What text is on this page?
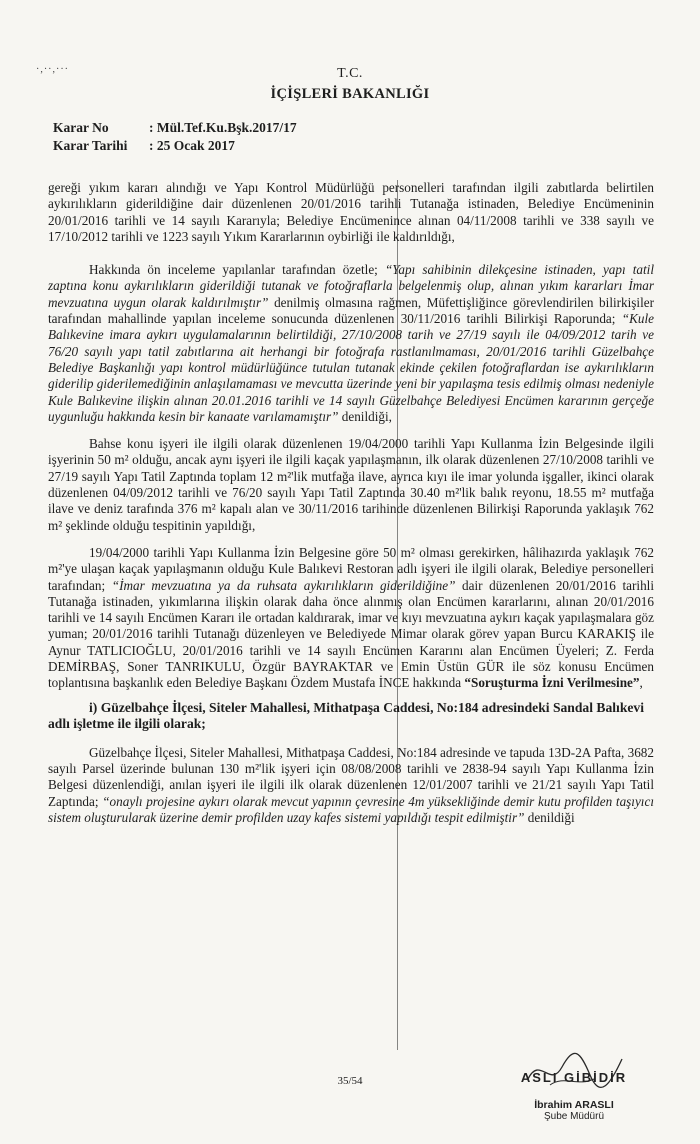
·,··,···	T.C.
İÇİŞLERİ BAKANLIĞI
Karar No	: Mül.Tef.Ku.Bşk.2017/17
Karar Tarihi : 25 Ocak 2017

gereği yıkım kararı alındığı ve Yapı Kontrol Müdürlüğü personelleri tarafından ilgili zabıtlarda belirtilen aykırılıkların giderildiğine dair düzenlenen 20/01/2016 tarihli Tutanağa istinaden, Belediye Encümeninin 20/01/2016 tarihli ve 14 sayılı Kararıyla; Belediye Encümenince alınan 04/11/2008 tarihli ve 338 sayılı ve 17/10/2012 tarihli ve 1223 sayılı Yıkım Kararlarının oybirliği ile kaldırıldığı,

Hakkında ön inceleme yapılanlar tarafından özetle; “Yapı sahibinin dilekçesine istinaden, yapı tatil zaptına konu aykırılıkların giderildiği tutanak ve fotoğraflarla belgelenmiş olup, alınan yıkım kararları İmar mevzuatına uygun olarak kaldırılmıştır” denilmiş olmasına rağmen, Müfettişliğince görevlendirilen bilirkişiler tarafından mahallinde yapılan inceleme sonucunda düzenlenen 30/11/2016 tarihli Bilirkişi Raporunda; “Kule Balıkevine imara aykırı uygulamalarının belirtildiği, 27/10/2008 tarih ve 27/19 sayılı ile 04/09/2012 tarih ve 76/20 sayılı yapı tatil zabıtlarına ait herhangi bir fotoğrafa rastlanılmaması, 20/01/2016 tarihli Güzelbahçe Belediye Başkanlığı yapı kontrol müdürlüğünce tutulan tutanak ekinde çekilen fotoğraflardan ise aykırılıkların giderilip giderilemediğinin anlaşılamaması ve mevcutta üzerinde yeni bir yapılaşma tesis edilmiş olması nedeniyle Kule Balıkevine ilişkin alınan 20.01.2016 tarihli ve 14 sayılı Güzelbahçe Belediyesi Encümen kararının gerçeğe uygunluğu hakkında kesin bir kanaate varılamamıştır” denildiği,

Bahse konu işyeri ile ilgili olarak düzenlenen 19/04/2000 tarihli Yapı Kullanma İzin Belgesinde ilgili işyerinin 50 m² olduğu, ancak aynı işyeri ile ilgili kaçak yapılaşmanın, ilk olarak düzenlenen 27/10/2008 tarihli ve 27/19 sayılı Yapı Tatil Zaptında toplam 12 m²'lik mutfağa ilave, ayrıca kıyı ile imar yolunda işgaller, ikinci olarak düzenlenen 04/09/2012 tarihli ve 76/20 sayılı Yapı Tatil Zaptında 30.40 m²'lik balık reyonu, 18.55 m² mutfağa ilave ve deniz tarafında 376 m² kapalı alan ve 30/11/2016 tarihinde düzenlenen Bilirkişi Raporunda yaklaşık 762 m² şeklinde olduğu tespitinin yapıldığı,

19/04/2000 tarihli Yapı Kullanma İzin Belgesine göre 50 m² olması gerekirken, hâlihazırda yaklaşık 762 m²'ye ulaşan kaçak yapılaşmanın olduğu Kule Balıkevi Restoran adlı işyeri ile ilgili olarak, Belediye personelleri tarafından; “İmar mevzuatına ya da ruhsata aykırılıkların giderildiğine” dair düzenlenen 20/01/2016 tarihli Tutanağa istinaden, yıkımlarına ilişkin olarak daha önce alınmış olan Encümen kararlarını, alınan 20/01/2016 tarihli ve 14 sayılı Encümen Kararı ile ortadan kaldırarak, imar ve kıyı mevzuatına aykırı kaçak yapılaşmalara göz yuman; 20/01/2016 tarihli Tutanağı düzenleyen ve Belediyede Mimar olarak görev yapan Burcu KARAKIŞ ile Aynur TATLICIOĞLU, 20/01/2016 tarihli ve 14 sayılı Encümen Kararını alan Encümen Üyeleri; Z. Ferda DEMİRBAŞ, Soner TANRIKULU, Özgür BAYRAKTAR ve Emin Üstün GÜR ile söz konusu Encümen toplantısına başkanlık eden Belediye Başkanı Özdem Mustafa İNCE hakkında “Soruşturma İzni Verilmesine”,

i) Güzelbahçe İlçesi, Siteler Mahallesi, Mithatpaşa Caddesi, No:184 adresindeki Sandal Balıkevi adlı işletme ile ilgili olarak;

Güzelbahçe İlçesi, Siteler Mahallesi, Mithatpaşa Caddesi, No:184 adresinde ve tapuda 13D-2A Pafta, 3682 sayılı Parsel üzerinde bulunan 130 m²'lik işyeri için 08/08/2008 tarihli ve 2838-94 sayılı Yapı Kullanma İzin Belgesi düzenlendiği, anılan işyeri ile ilgili ilk olarak düzenlenen 12/01/2007 tarihli ve 21/21 sayılı Yapı Tatil Zaptında; “onaylı projesine aykırı olarak mevcut yapının çevresine 4m yüksekliğinde demir kutu profilden taşıyıcı sistem oluşturularak üzerine demir profilden uzay kafes sistemi yapıldığı tespit edilmiştir” denildiği

35/54	ASLI GİBİDİR
İbrahim ARASLI
Şube Müdürü
